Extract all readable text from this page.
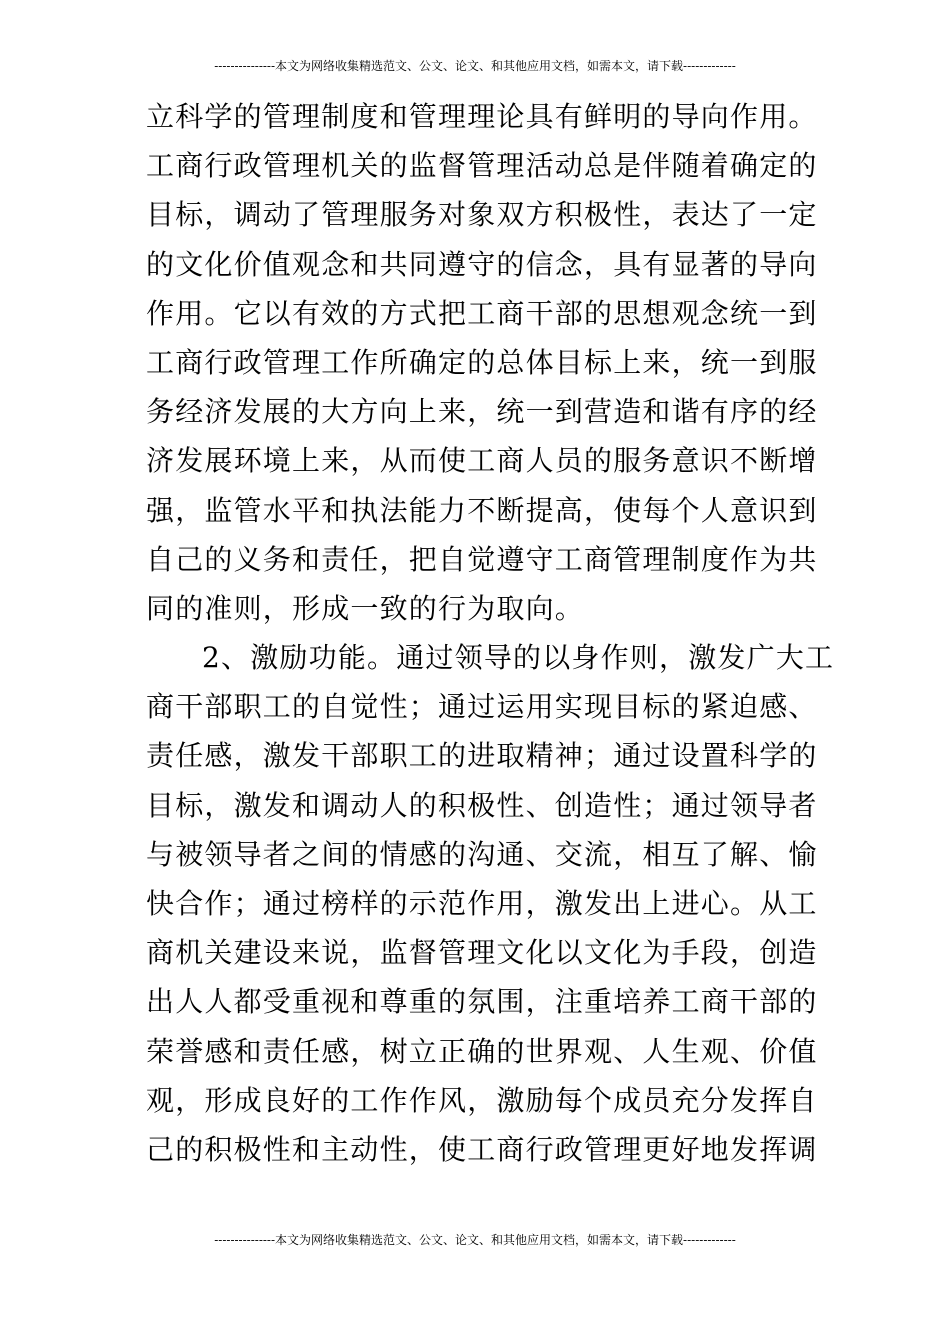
---------------本文为网络收集精选范文、公文、论文、和其他应用文档，如需本文，请下载-------------
立科学的管理制度和管理理论具有鲜明的导向作用。
工商行政管理机关的监督管理活动总是伴随着确定的
目标，调动了管理服务对象双方积极性，表达了一定
的文化价值观念和共同遵守的信念，具有显著的导向
作用。它以有效的方式把工商干部的思想观念统一到
工商行政管理工作所确定的总体目标上来，统一到服
务经济发展的大方向上来，统一到营造和谐有序的经
济发展环境上来，从而使工商人员的服务意识不断增
强，监管水平和执法能力不断提高，使每个人意识到
自己的义务和责任，把自觉遵守工商管理制度作为共
同的准则，形成一致的行为取向。
2、激励功能。通过领导的以身作则，激发广大工
商干部职工的自觉性；通过运用实现目标的紧迫感、
责任感，激发干部职工的进取精神；通过设置科学的
目标，激发和调动人的积极性、创造性；通过领导者
与被领导者之间的情感的沟通、交流，相互了解、愉
快合作；通过榜样的示范作用，激发出上进心。从工
商机关建设来说，监督管理文化以文化为手段，创造
出人人都受重视和尊重的氛围，注重培养工商干部的
荣誉感和责任感，树立正确的世界观、人生观、价值
观，形成良好的工作作风，激励每个成员充分发挥自
己的积极性和主动性，使工商行政管理更好地发挥调
---------------本文为网络收集精选范文、公文、论文、和其他应用文档，如需本文，请下载-------------
